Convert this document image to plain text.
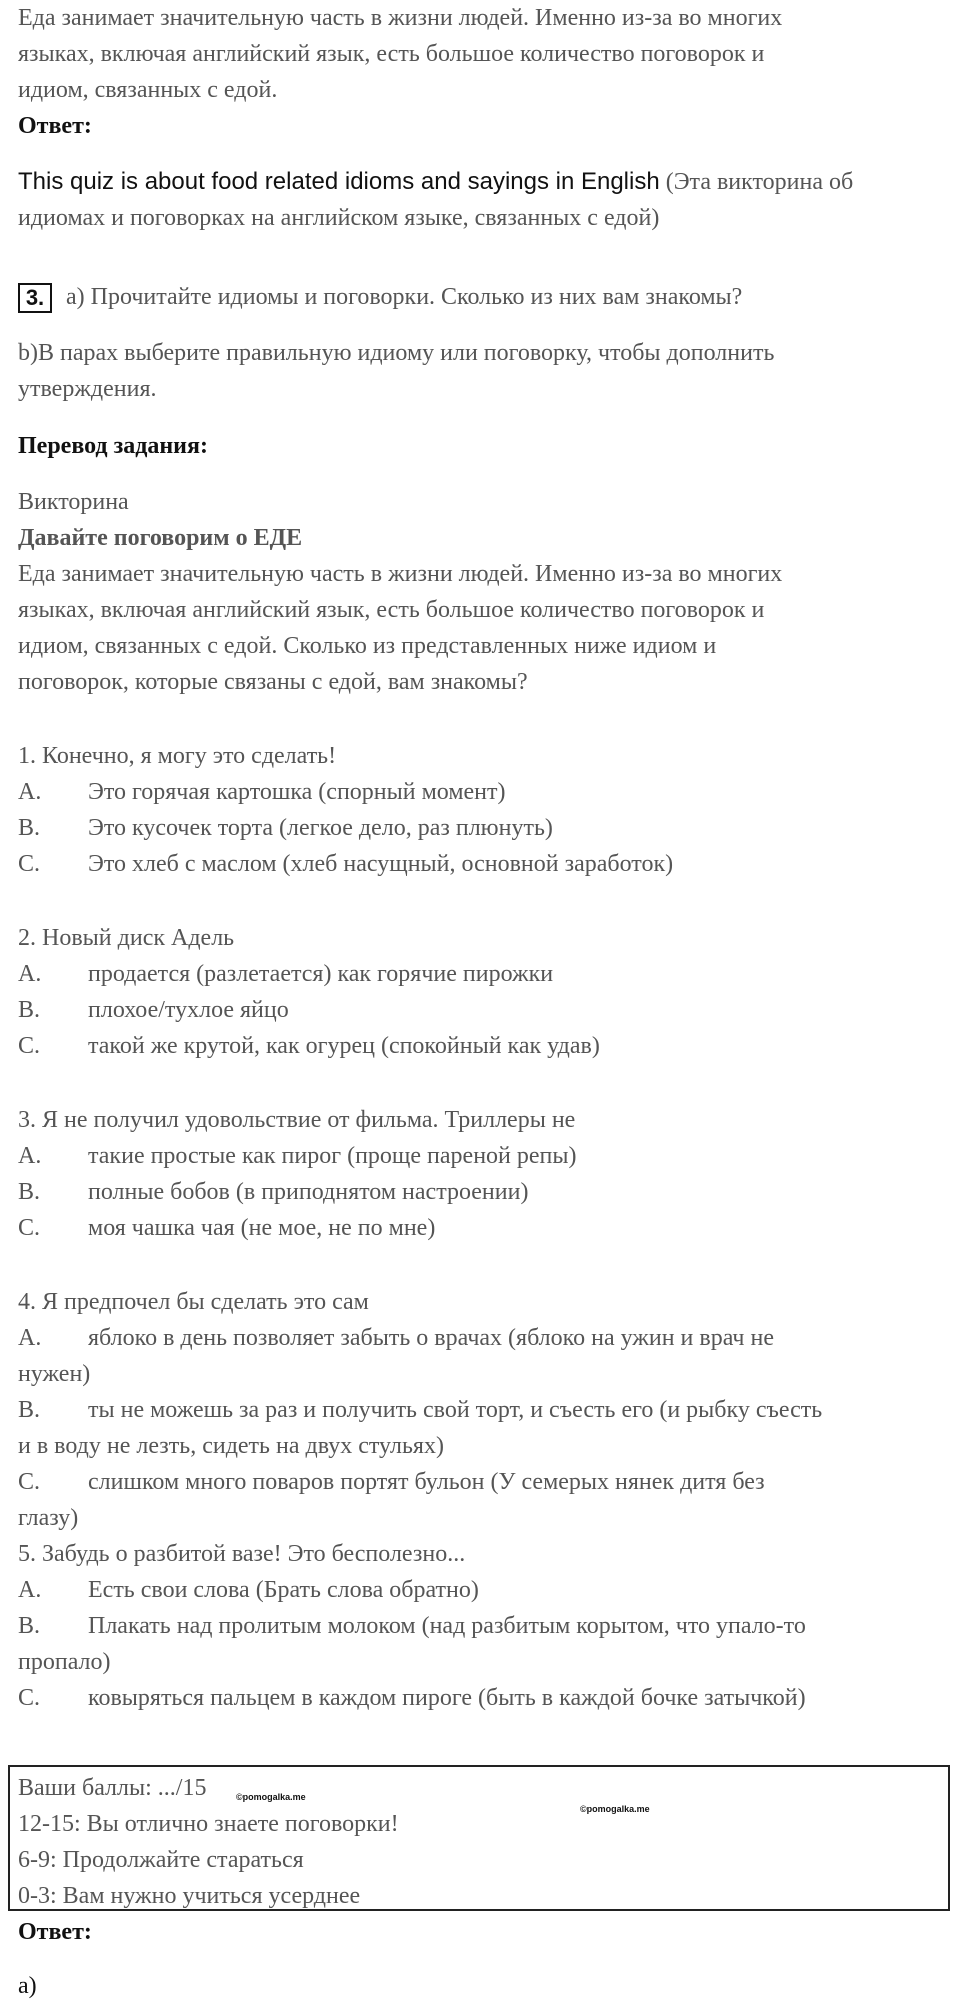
Еда занимает значительную часть в жизни людей. Именно из-за во многих
языках, включая английский язык, есть большое количество поговорок и
идиом, связанных с едой.
Ответ:
This quiz is about food related idioms and sayings in English (Эта викторина об
идиомах и поговорках на английском языке, связанных с едой)
3. a) Прочитайте идиомы и поговорки. Сколько из них вам знакомы?
b)В парах выберите правильную идиому или поговорку, чтобы дополнить
утверждения.
Перевод задания:
Викторина
Давайте поговорим о ЕДЕ
Еда занимает значительную часть в жизни людей. Именно из-за во многих
языках, включая английский язык, есть большое количество поговорок и
идиом, связанных с едой. Сколько из представленных ниже идиом и
поговорок, которые связаны с едой, вам знакомы?
1. Конечно, я могу это сделать!
A. Это горячая картошка (спорный момент)
B. Это кусочек торта (легкое дело, раз плюнуть)
C. Это хлеб с маслом (хлеб насущный, основной заработок)
2. Новый диск Адель
A. продается (разлетается) как горячие пирожки
B. плохое/тухлое яйцо
C. такой же крутой, как огурец (спокойный как удав)
3. Я не получил удовольствие от фильма. Триллеры не
A. такие простые как пирог (проще пареной репы)
B. полные бобов (в приподнятом настроении)
C. моя чашка чая (не мое, не по мне)
4. Я предпочел бы сделать это сам
A. яблоко в день позволяет забыть о врачах (яблоко на ужин и врач не
нужен)
B. ты не можешь за раз и получить свой торт, и съесть его (и рыбку съесть
и в воду не лезть, сидеть на двух стульях)
C. слишком много поваров портят бульон (У семерых нянек дитя без
глазу)
5. Забудь о разбитой вазе! Это бесполезно...
A. Есть свои слова (Брать слова обратно)
B. Плакать над пролитым молоком (над разбитым корытом, что упало-то
пропало)
C. ковыряться пальцем в каждом пироге (быть в каждой бочке затычкой)
Ваши баллы: .../15	©pomogalka.me
©pomogalka.me
12-15: Вы отлично знаете поговорки!
6-9: Продолжайте стараться
0-3: Вам нужно учиться усерднее
Ответ:
a)
